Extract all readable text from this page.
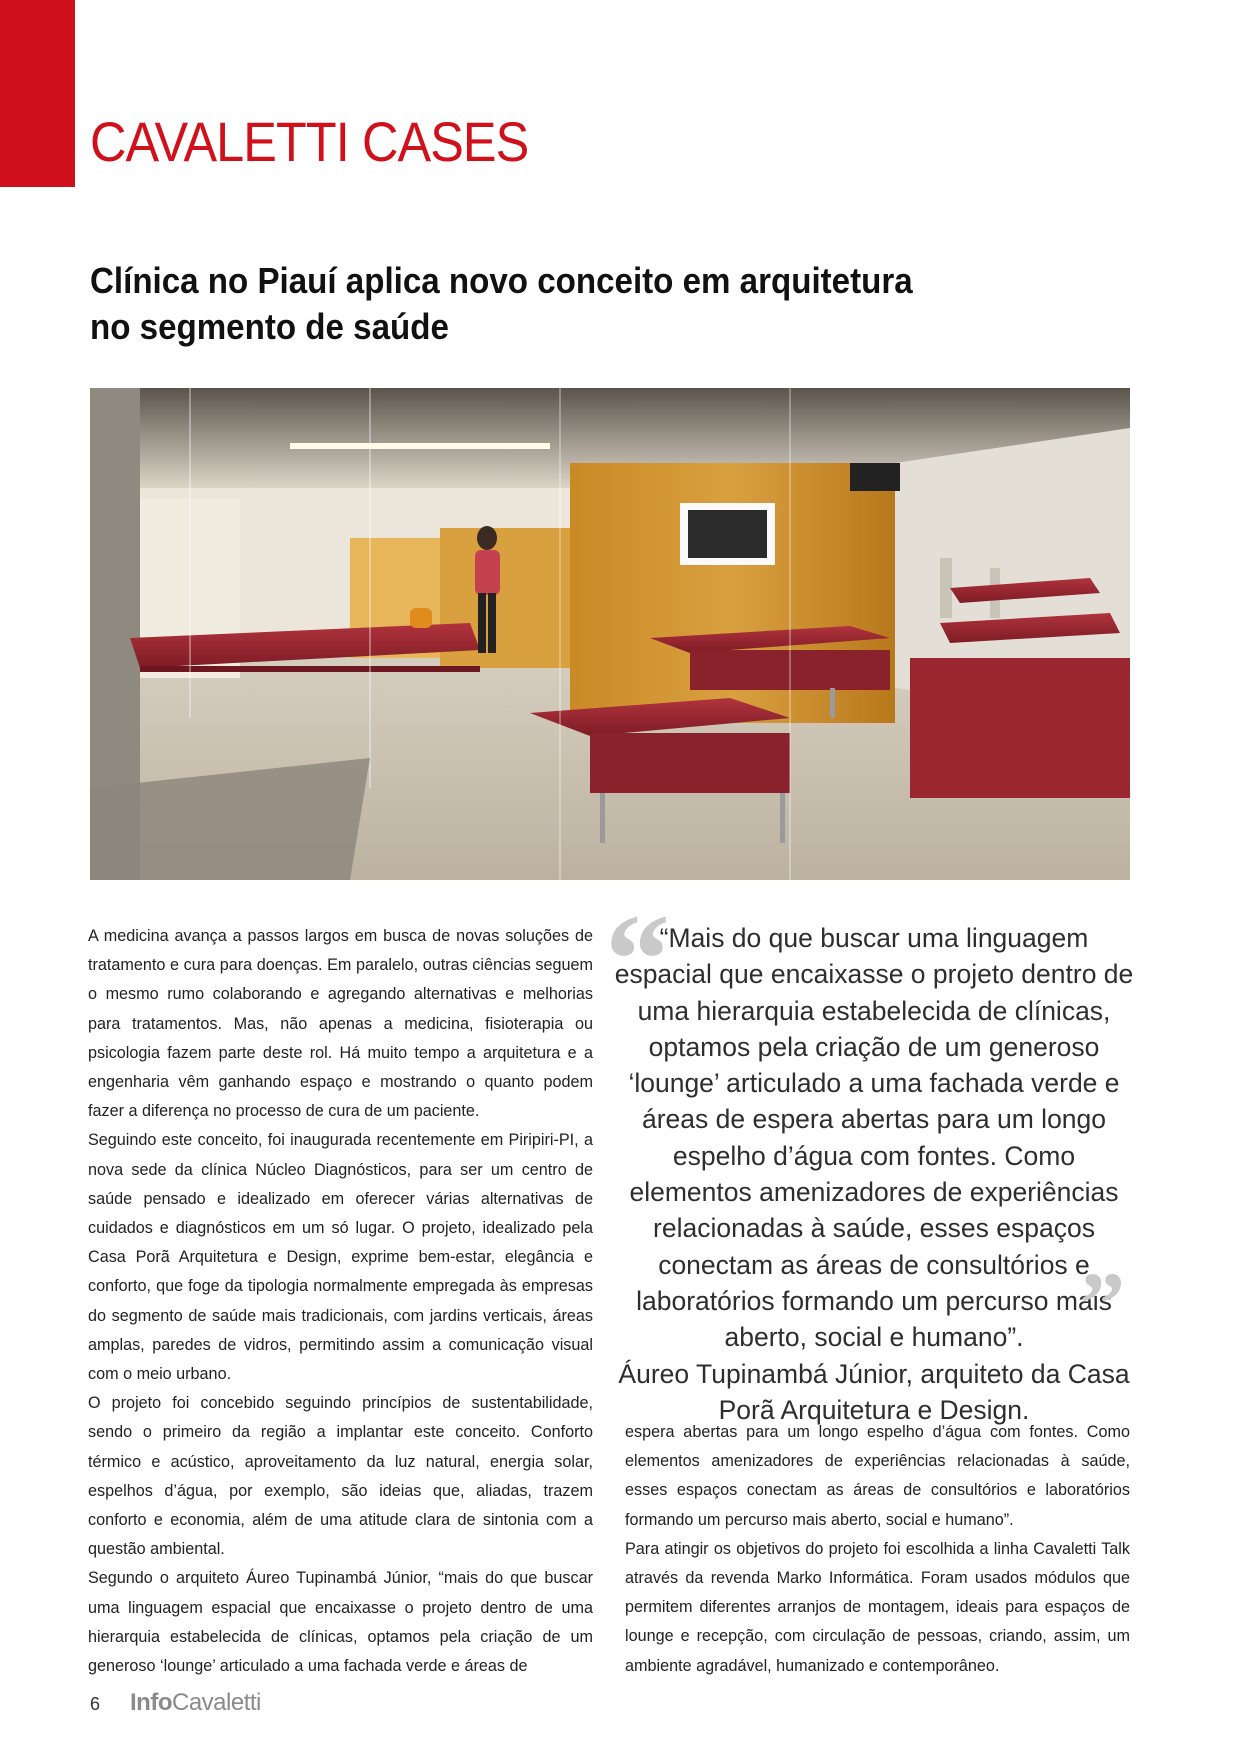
CAVALETTI CASES
Clínica no Piauí aplica novo conceito em arquitetura
no segmento de saúde

A medicina avança a passos largos em busca de novas soluções de tratamento e cura para doenças. Em paralelo, outras ciências seguem o mesmo rumo colaborando e agregando alternativas e melhorias para tratamentos. Mas, não apenas a medicina, fisioterapia ou psicologia fazem parte deste rol. Há muito tempo a arquitetura e a engenharia vêm ganhando espaço e mostrando o quanto podem fazer a diferença no processo de cura de um paciente.

Seguindo este conceito, foi inaugurada recentemente em Piripiri-PI, a nova sede da clínica Núcleo Diagnósticos, para ser um centro de saúde pensado e idealizado em oferecer várias alternativas de cuidados e diagnósticos em um só lugar. O projeto, idealizado pela Casa Porã Arquitetura e Design, exprime bem-estar, elegância e conforto, que foge da tipologia normalmente empregada às empresas do segmento de saúde mais tradicionais, com jardins verticais, áreas amplas, paredes de vidros, permitindo assim a comunicação visual com o meio urbano.

O projeto foi concebido seguindo princípios de sustentabilidade, sendo o primeiro da região a implantar este conceito. Conforto térmico e acústico, aproveitamento da luz natural, energia solar, espelhos d’água, por exemplo, são ideias que, aliadas, trazem conforto e economia, além de uma atitude clara de sintonia com a questão ambiental.

Segundo o arquiteto Áureo Tupinambá Júnior, “mais do que buscar uma linguagem espacial que encaixasse o projeto dentro de uma hierarquia estabelecida de clínicas, optamos pela criação de um generoso ‘lounge’ articulado a uma fachada verde e áreas de

“

“Mais do que buscar uma linguagem espacial que encaixasse o projeto dentro de uma hierarquia estabelecida de clínicas, optamos pela criação de um generoso ‘lounge’ articulado a uma fachada verde e áreas de espera abertas para um longo espelho d’água com fontes. Como elementos amenizadores de experiências relacionadas à saúde, esses espaços conectam as áreas de consultórios e laboratórios formando um percurso mais aberto, social e humano”.

Áureo Tupinambá Júnior, arquiteto da Casa Porã Arquitetura e Design.

”

espera abertas para um longo espelho d’água com fontes. Como elementos amenizadores de experiências relacionadas à saúde, esses espaços conectam as áreas de consultórios e laboratórios formando um percurso mais aberto, social e humano”.

Para atingir os objetivos do projeto foi escolhida a linha Cavaletti Talk através da revenda Marko Informática. Foram usados módulos que permitem diferentes arranjos de montagem, ideais para espaços de lounge e recepção, com circulação de pessoas, criando, assim, um ambiente agradável, humanizado e contemporâneo.

6 Info Cavaletti
